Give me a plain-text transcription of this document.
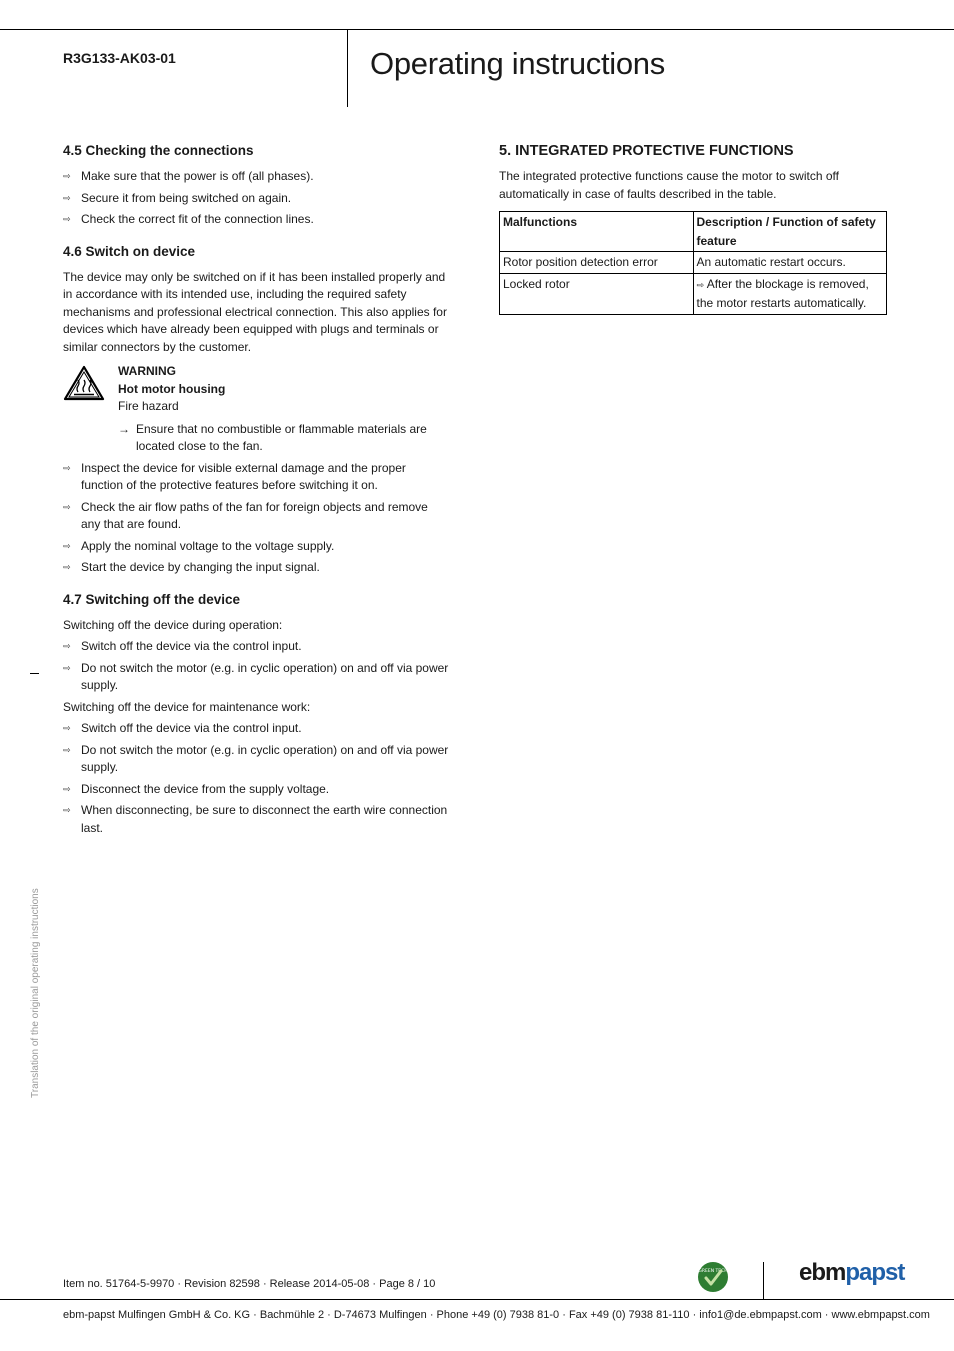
R3G133-AK03-01	Operating instructions
4.5 Checking the connections
⇨ Make sure that the power is off (all phases).
⇨ Secure it from being switched on again.
⇨ Check the correct fit of the connection lines.
4.6 Switch on device

The device may only be switched on if it has been installed properly and in accordance with its intended use, including the required safety mechanisms and professional electrical connection. This also applies for devices which have already been equipped with plugs and terminals or similar connectors by the customer.

WARNING
Hot motor housing
Fire hazard
→ Ensure that no combustible or flammable materials are located close to the fan.
⇨ Inspect the device for visible external damage and the proper function of the protective features before switching it on.
⇨ Check the air flow paths of the fan for foreign objects and remove any that are found.
⇨ Apply the nominal voltage to the voltage supply.
⇨ Start the device by changing the input signal.
4.7 Switching off the device

Switching off the device during operation:

⇨ Switch off the device via the control input.
⇨ Do not switch the motor (e.g. in cyclic operation) on and off via power supply.

Switching off the device for maintenance work:

⇨ Switch off the device via the control input.
⇨ Do not switch the motor (e.g. in cyclic operation) on and off via power supply.
⇨ Disconnect the device from the supply voltage.
⇨ When disconnecting, be sure to disconnect the earth wire connection last.
5. INTEGRATED PROTECTIVE FUNCTIONS

The integrated protective functions cause the motor to switch off automatically in case of faults described in the table.

Malfunctions	Description / Function of safety feature
Rotor position detection error	An automatic restart occurs.
Locked rotor	⇨ After the blockage is removed, the motor restarts automatically.
Translation of the original operating instructions
Item no. 51764-5-9970 · Revision 82598 · Release 2014-05-08 · Page 8 / 10
GREEN TECH	ebmpapst
ebm-papst Mulfingen GmbH & Co. KG · Bachmühle 2 · D-74673 Mulfingen · Phone +49 (0) 7938 81-0 · Fax +49 (0) 7938 81-110 · info1@de.ebmpapst.com · www.ebmpapst.com
